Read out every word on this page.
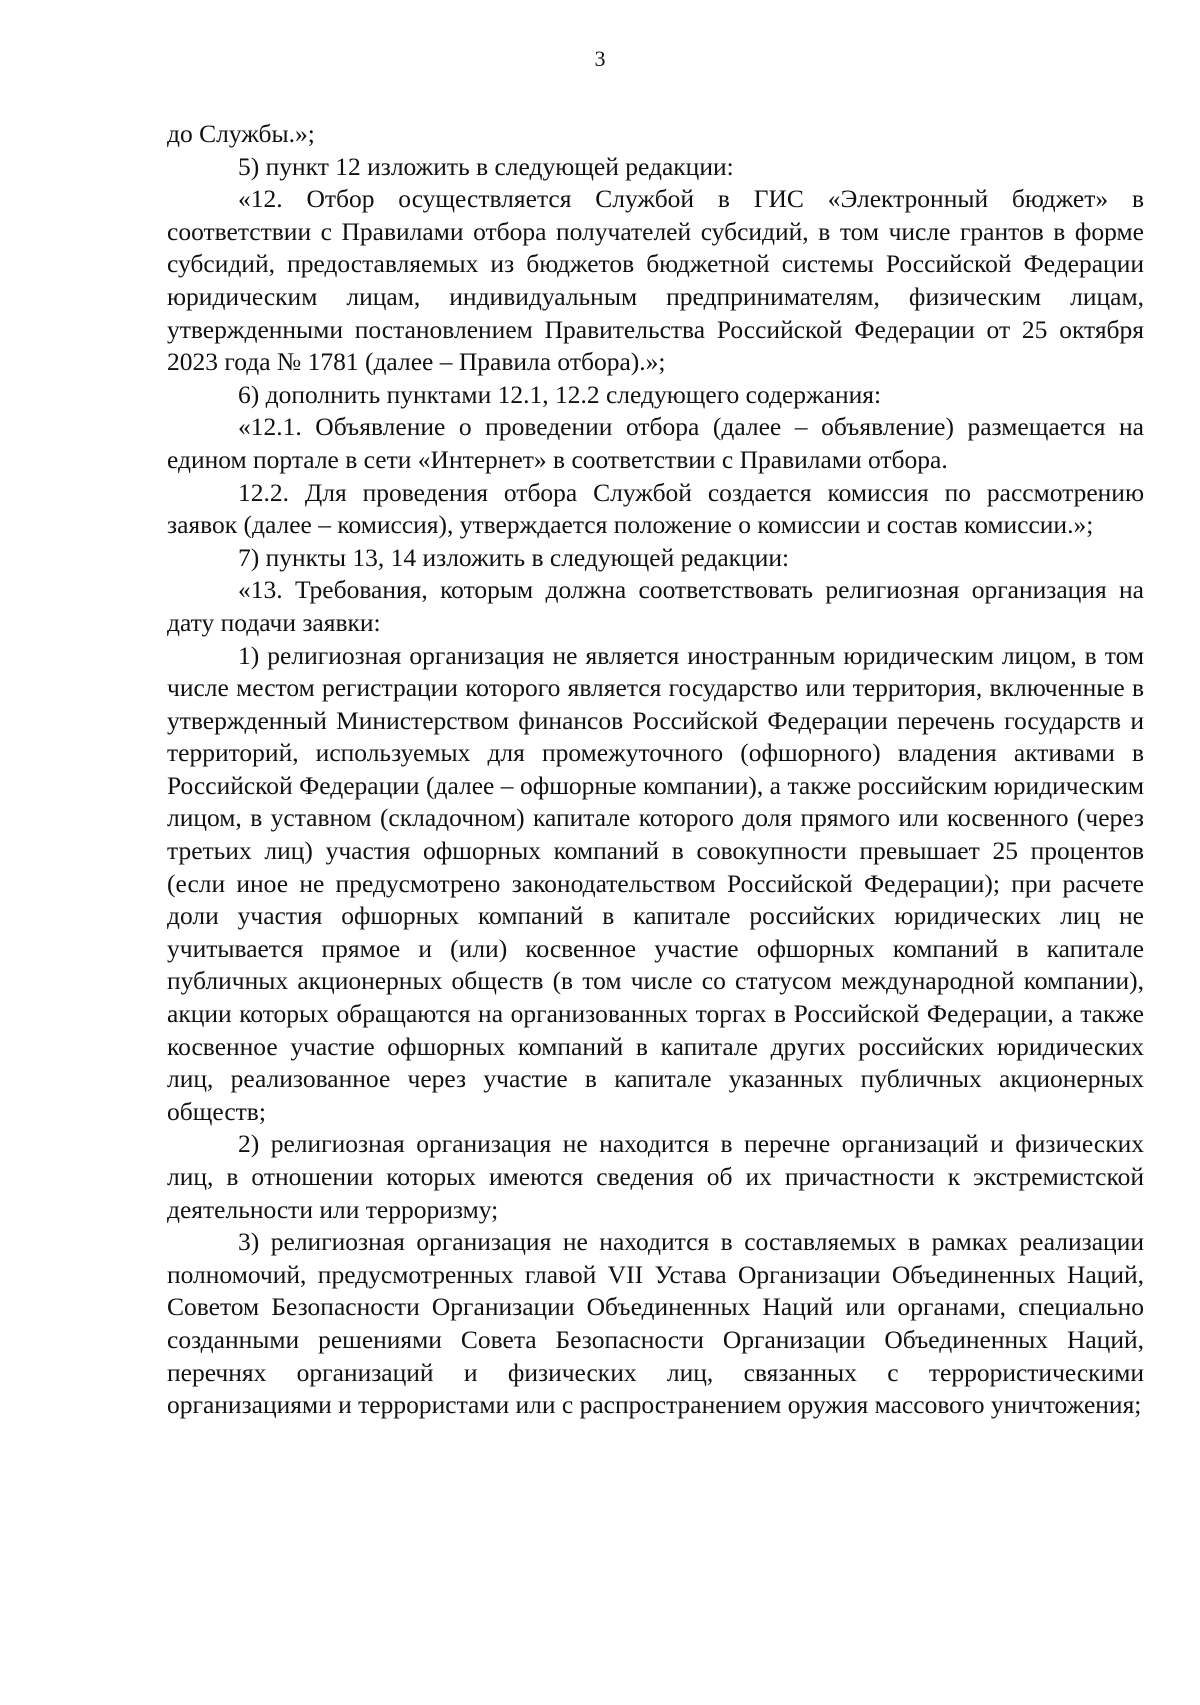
3

до Службы.»;

5) пункт 12 изложить в следующей редакции:

«12. Отбор осуществляется Службой в ГИС «Электронный бюджет» в соответствии с Правилами отбора получателей субсидий, в том числе грантов в форме субсидий, предоставляемых из бюджетов бюджетной системы Российской Федерации юридическим лицам, индивидуальным предпринимателям, физическим лицам, утвержденными постановлением Правительства Российской Федерации от 25 октября 2023 года № 1781 (далее – Правила отбора).»;

6) дополнить пунктами 12.1, 12.2 следующего содержания:

«12.1. Объявление о проведении отбора (далее – объявление) размещается на едином портале в сети «Интернет» в соответствии с Правилами отбора.

12.2. Для проведения отбора Службой создается комиссия по рассмотрению заявок (далее – комиссия), утверждается положение о комиссии и состав комиссии.»;

7) пункты 13, 14 изложить в следующей редакции:

«13. Требования, которым должна соответствовать религиозная организация на дату подачи заявки:

1) религиозная организация не является иностранным юридическим лицом, в том числе местом регистрации которого является государство или территория, включенные в утвержденный Министерством финансов Российской Федерации перечень государств и территорий, используемых для промежуточного (офшорного) владения активами в Российской Федерации (далее – офшорные компании), а также российским юридическим лицом, в уставном (складочном) капитале которого доля прямого или косвенного (через третьих лиц) участия офшорных компаний в совокупности превышает 25 процентов (если иное не предусмотрено законодательством Российской Федерации); при расчете доли участия офшорных компаний в капитале российских юридических лиц не учитывается прямое и (или) косвенное участие офшорных компаний в капитале публичных акционерных обществ (в том числе со статусом международной компании), акции которых обращаются на организованных торгах в Российской Федерации, а также косвенное участие офшорных компаний в капитале других российских юридических лиц, реализованное через участие в капитале указанных публичных акционерных обществ;

2) религиозная организация не находится в перечне организаций и физических лиц, в отношении которых имеются сведения об их причастности к экстремистской деятельности или терроризму;

3) религиозная организация не находится в составляемых в рамках реализации полномочий, предусмотренных главой VII Устава Организации Объединенных Наций, Советом Безопасности Организации Объединенных Наций или органами, специально созданными решениями Совета Безопасности Организации Объединенных Наций, перечнях организаций и физических лиц, связанных с террористическими организациями и террористами или с распространением оружия массового уничтожения;
